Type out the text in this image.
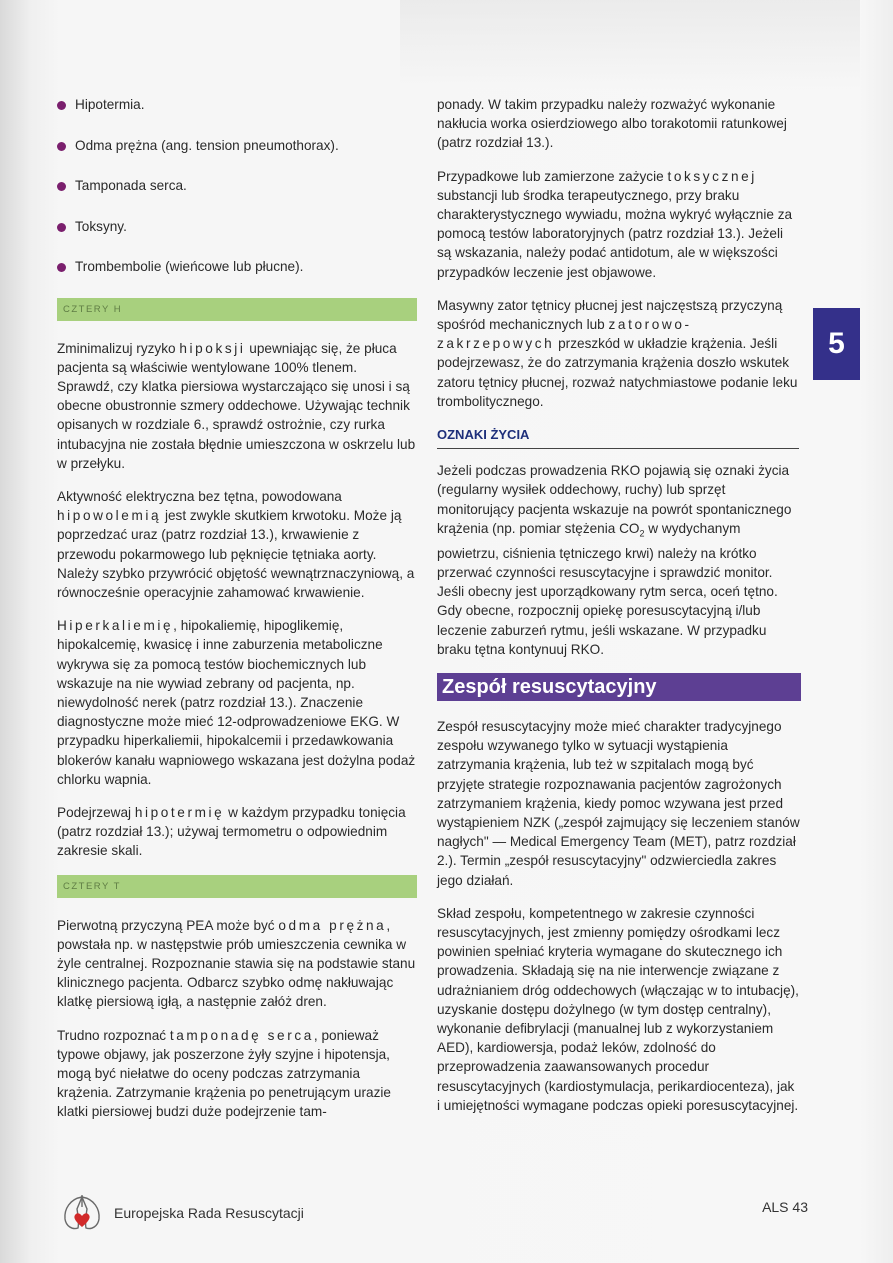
Hipotermia.
Odma prężna (ang. tension pneumothorax).
Tamponada serca.
Toksyny.
Trombembolie (wieńcowe lub płucne).
CZTERY H

Zminimalizuj ryzyko hipoksji upewniając się, że płuca pacjenta są właściwie wentylowane 100% tlenem. Sprawdź, czy klatka piersiowa wystarczająco się unosi i są obecne obustronnie szmery oddechowe. Używając technik opisanych w rozdziale 6., sprawdź ostrożnie, czy rurka intubacyjna nie została błędnie umieszczona w oskrzelu lub w przełyku.

Aktywność elektryczna bez tętna, powodowana hipowolemią jest zwykle skutkiem krwotoku. Może ją poprzedzać uraz (patrz rozdział 13.), krwawienie z przewodu pokarmowego lub pęknięcie tętniaka aorty. Należy szybko przywrócić objętość wewnątrznaczyniową, a równocześnie operacyjnie zahamować krwawienie.

Hiperkaliemię, hipokaliemię, hipoglikemię, hipokalcemię, kwasicę i inne zaburzenia metaboliczne wykrywa się za pomocą testów biochemicznych lub wskazuje na nie wywiad zebrany od pacjenta, np. niewydolność nerek (patrz rozdział 13.). Znaczenie diagnostyczne może mieć 12-odprowadzeniowe EKG. W przypadku hiperkaliemii, hipokalcemii i przedawkowania blokerów kanału wapniowego wskazana jest dożylna podaż chlorku wapnia.

Podejrzewaj hipotermię w każdym przypadku tonięcia (patrz rozdział 13.); używaj termometru o odpowiednim zakresie skali.

CZTERY T

Pierwotną przyczyną PEA może być odma prężna, powstała np. w następstwie prób umieszczenia cewnika w żyle centralnej. Rozpoznanie stawia się na podstawie stanu klinicznego pacjenta. Odbarcz szybko odmę nakłuwając klatkę piersiową igłą, a następnie załóż dren.

Trudno rozpoznać tamponadę serca, ponieważ typowe objawy, jak poszerzone żyły szyjne i hipotensja, mogą być niełatwe do oceny podczas zatrzymania krążenia. Zatrzymanie krążenia po penetrującym urazie klatki piersiowej budzi duże podejrzenie tam-

ponady. W takim przypadku należy rozważyć wykonanie nakłucia worka osierdziowego albo torakotomii ratunkowej (patrz rozdział 13.).

Przypadkowe lub zamierzone zażycie toksycznej substancji lub środka terapeutycznego, przy braku charakterystycznego wywiadu, można wykryć wyłącznie za pomocą testów laboratoryjnych (patrz rozdział 13.). Jeżeli są wskazania, należy podać antidotum, ale w większości przypadków leczenie jest objawowe.

Masywny zator tętnicy płucnej jest najczęstszą przyczyną spośród mechanicznych lub zatorowo-zakrzepowych przeszkód w układzie krążenia. Jeśli podejrzewasz, że do zatrzymania krążenia doszło wskutek zatoru tętnicy płucnej, rozważ natychmiastowe podanie leku trombolitycznego.

OZNAKI ŻYCIA

Jeżeli podczas prowadzenia RKO pojawią się oznaki życia (regularny wysiłek oddechowy, ruchy) lub sprzęt monitorujący pacjenta wskazuje na powrót spontanicznego krążenia (np. pomiar stężenia $CO_2$ w wydychanym powietrzu, ciśnienia tętniczego krwi) należy na krótko przerwać czynności resuscytacyjne i sprawdzić monitor. Jeśli obecny jest uporządkowany rytm serca, oceń tętno. Gdy obecne, rozpocznij opiekę poresuscytacyjną i/lub leczenie zaburzeń rytmu, jeśli wskazane. W przypadku braku tętna kontynuuj RKO.

Zespół resuscytacyjny

Zespół resuscytacyjny może mieć charakter tradycyjnego zespołu wzywanego tylko w sytuacji wystąpienia zatrzymania krążenia, lub też w szpitalach mogą być przyjęte strategie rozpoznawania pacjentów zagrożonych zatrzymaniem krążenia, kiedy pomoc wzywana jest przed wystąpieniem NZK („zespół zajmujący się leczeniem stanów nagłych" — Medical Emergency Team (MET), patrz rozdział 2.). Termin „zespół resuscytacyjny" odzwierciedla zakres jego działań.

Skład zespołu, kompetentnego w zakresie czynności resuscytacyjnych, jest zmienny pomiędzy ośrodkami lecz powinien spełniać kryteria wymagane do skutecznego ich prowadzenia. Składają się na nie interwencje związane z udrażnianiem dróg oddechowych (włączając w to intubację), uzyskanie dostępu dożylnego (w tym dostęp centralny), wykonanie defibrylacji (manualnej lub z wykorzystaniem AED), kardiowersja, podaż leków, zdolność do przeprowadzenia zaawansowanych procedur resuscytacyjnych (kardiostymulacja, perikardiocenteza), jak i umiejętności wymagane podczas opieki poresuscytacyjnej.

5
Europejska Rada Resuscytacji	ALS 43
